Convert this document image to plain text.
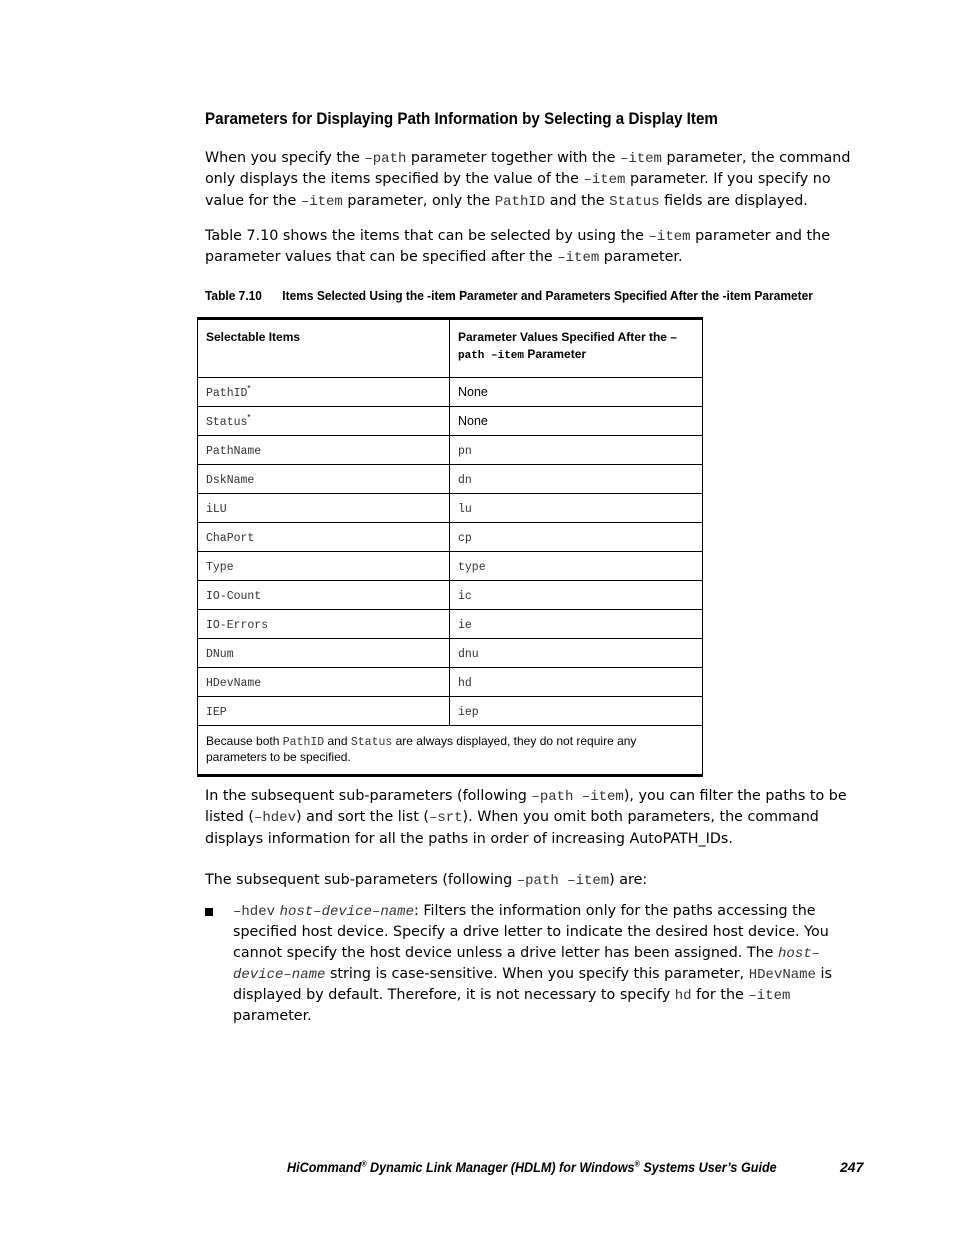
Parameters for Displaying Path Information by Selecting a Display Item
When you specify the –path parameter together with the –item parameter, the command only displays the items specified by the value of the –item parameter. If you specify no value for the –item parameter, only the PathID and the Status fields are displayed.
Table 7.10 shows the items that can be selected by using the –item parameter and the parameter values that can be specified after the –item parameter.
Table 7.10 Items Selected Using the -item Parameter and Parameters Specified After the -item Parameter
Selectable Items	Parameter Values Specified After the –
path –item Parameter
PathID*	None
Status*	None
PathName	pn
DskName	dn
iLU	lu
ChaPort	cp
Type	type
IO-Count	ic
IO-Errors	ie
DNum	dnu
HDevName	hd
IEP	iep
Because both PathID and Status are always displayed, they do not require any parameters to be specified.	
In the subsequent sub-parameters (following –path –item), you can filter the paths to be listed (–hdev) and sort the list (–srt). When you omit both parameters, the command displays information for all the paths in order of increasing AutoPATH_IDs.
The subsequent sub-parameters (following –path –item) are:
–hdev host–device–name: Filters the information only for the paths accessing the specified host device. Specify a drive letter to indicate the desired host device. You cannot specify the host device unless a drive letter has been assigned. The host–device–name string is case-sensitive. When you specify this parameter, HDevName is displayed by default. Therefore, it is not necessary to specify hd for the –item parameter.
HiCommand® Dynamic Link Manager (HDLM) for Windows® Systems User’s Guide	247
